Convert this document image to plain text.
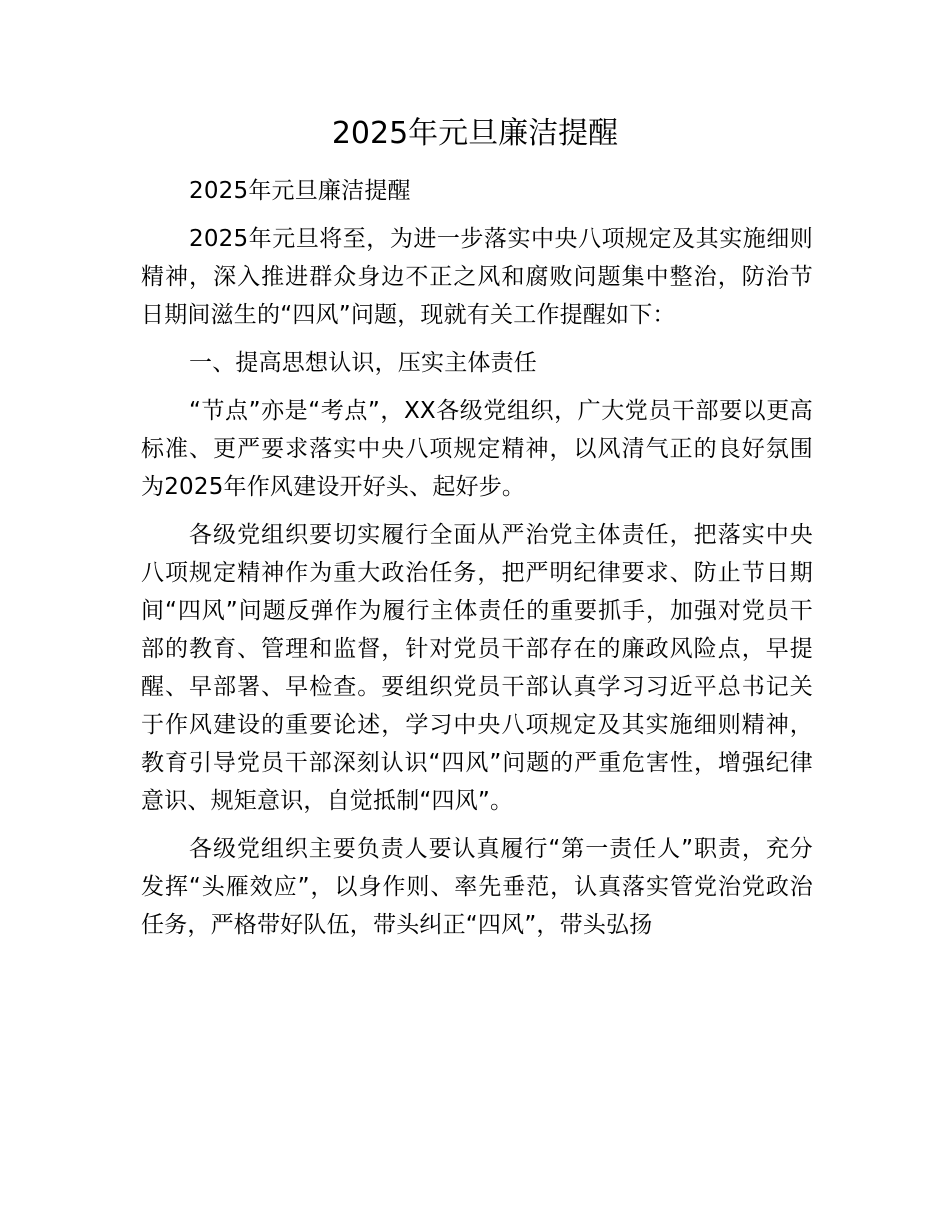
2025年元旦廉洁提醒

2025年元旦廉洁提醒

2025年元旦将至，为进一步落实中央八项规定及其实施细则精神，深入推进群众身边不正之风和腐败问题集中整治，防治节日期间滋生的“四风”问题，现就有关工作提醒如下：

一、提高思想认识，压实主体责任

“节点”亦是“考点”，XX各级党组织，广大党员干部要以更高标准、更严要求落实中央八项规定精神，以风清气正的良好氛围为2025年作风建设开好头、起好步。

各级党组织要切实履行全面从严治党主体责任，把落实中央八项规定精神作为重大政治任务，把严明纪律要求、防止节日期间“四风”问题反弹作为履行主体责任的重要抓手，加强对党员干部的教育、管理和监督，针对党员干部存在的廉政风险点，早提醒、早部署、早检查。要组织党员干部认真学习习近平总书记关于作风建设的重要论述，学习中央八项规定及其实施细则精神，教育引导党员干部深刻认识“四风”问题的严重危害性，增强纪律意识、规矩意识，自觉抵制“四风”。

各级党组织主要负责人要认真履行“第一责任人”职责，充分发挥“头雁效应”，以身作则、率先垂范，认真落实管党治党政治任务，严格带好队伍，带头纠正“四风”，带头弘扬
